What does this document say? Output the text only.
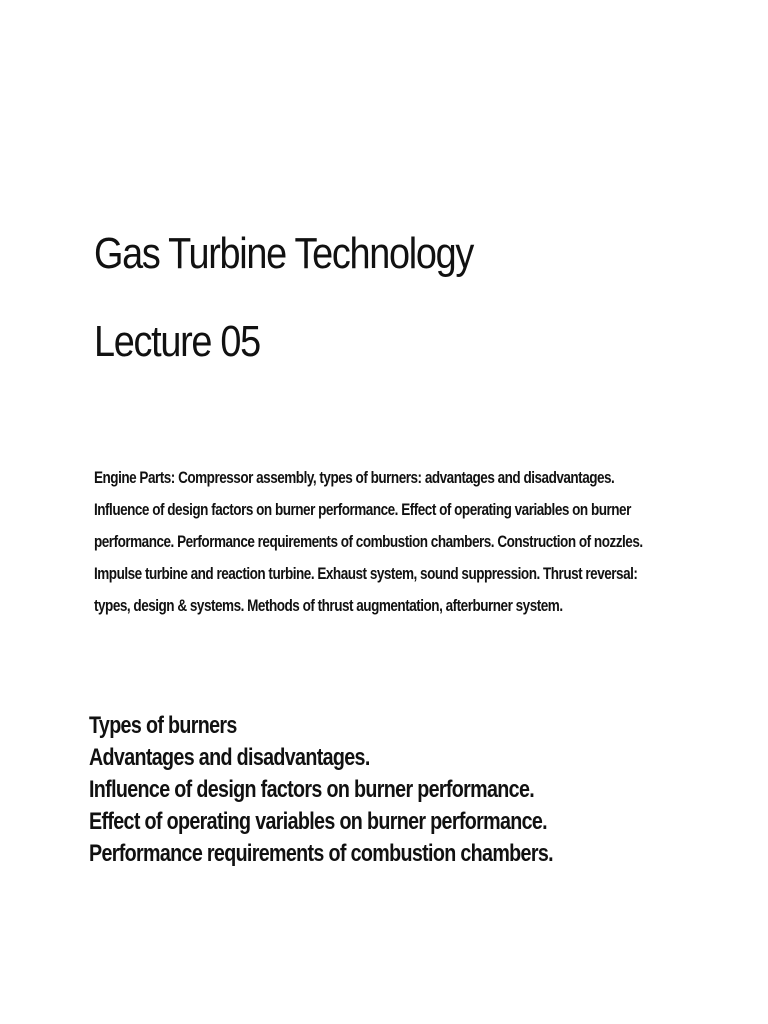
Gas Turbine Technology
Lecture 05

Engine Parts: Compressor assembly, types of burners: advantages and disadvantages. Influence of design factors on burner performance. Effect of operating variables on burner performance. Performance requirements of combustion chambers. Construction of nozzles. Impulse turbine and reaction turbine. Exhaust system, sound suppression. Thrust reversal: types, design & systems. Methods of thrust augmentation, afterburner system.

Types of burners
Advantages and disadvantages.
Influence of design factors on burner performance.
Effect of operating variables on burner performance.
Performance requirements of combustion chambers.
